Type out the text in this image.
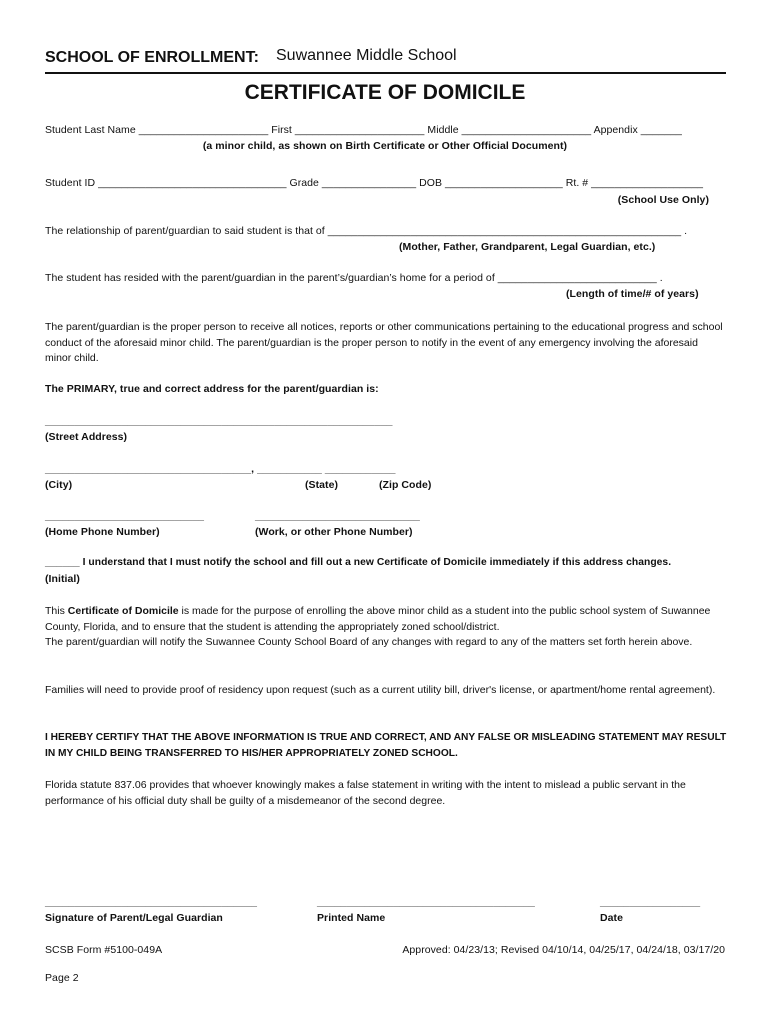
SCHOOL OF ENROLLMENT: Suwannee Middle School
CERTIFICATE OF DOMICILE
Student Last Name ______________________ First ______________________ Middle ______________________ Appendix _______
(a minor child, as shown on Birth Certificate or Other Official Document)
Student ID ________________________________ Grade ________________ DOB ____________________ Rt. # ___________________
(School Use Only)
The relationship of parent/guardian to said student is that of ____________________________________________________________ .
(Mother, Father, Grandparent, Legal Guardian, etc.)
The student has resided with the parent/guardian in the parent’s/guardian’s home for a period of ___________________________ .
(Length of time/# of years)
The parent/guardian is the proper person to receive all notices, reports or other communications pertaining to the educational progress and school conduct of the aforesaid minor child. The parent/guardian is the proper person to notify in the event of any emergency involving the aforesaid minor child.
The PRIMARY, true and correct address for the parent/guardian is:
___________________________________________________________
(Street Address)
___________________________________, ___________ ____________
(City)	(State)	(Zip Code)
___________________________	____________________________
(Home Phone Number)	(Work, or other Phone Number)
______ I understand that I must notify the school and fill out a new Certificate of Domicile immediately if this address changes.
(Initial)
This Certificate of Domicile is made for the purpose of enrolling the above minor child as a student into the public school system of Suwannee County, Florida, and to ensure that the student is attending the appropriately zoned school/district.
The parent/guardian will notify the Suwannee County School Board of any changes with regard to any of the matters set forth herein above.
Families will need to provide proof of residency upon request (such as a current utility bill, driver's license, or apartment/home rental agreement).
I HEREBY CERTIFY THAT THE ABOVE INFORMATION IS TRUE AND CORRECT, AND ANY FALSE OR MISLEADING STATEMENT MAY RESULT IN MY CHILD BEING TRANSFERRED TO HIS/HER APPROPRIATELY ZONED SCHOOL.
Florida statute 837.06 provides that whoever knowingly makes a false statement in writing with the intent to mislead a public servant in the performance of his official duty shall be guilty of a misdemeanor of the second degree.
____________________________________	_____________________________________	_________________
Signature of Parent/Legal Guardian	Printed Name	Date
SCSB Form #5100-049A	Approved: 04/23/13; Revised 04/10/14, 04/25/17, 04/24/18, 03/17/20
Page 2
